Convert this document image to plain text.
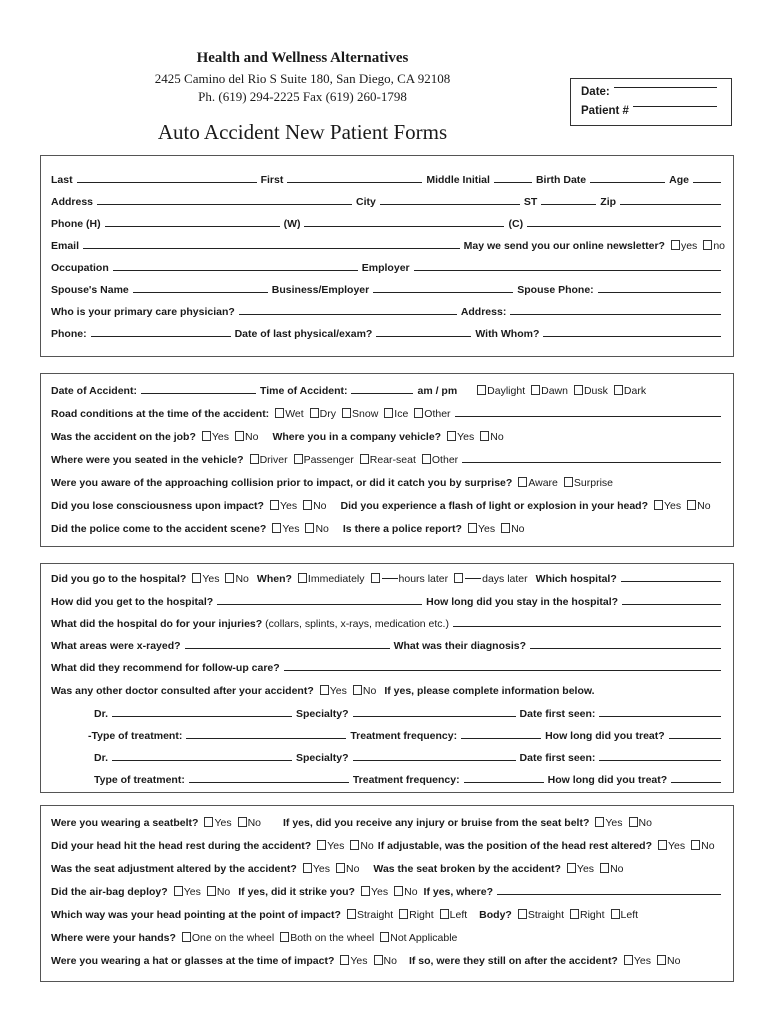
Health and Wellness Alternatives
2425 Camino del Rio S Suite 180, San Diego, CA 92108
Ph. (619) 294-2225 Fax (619) 260-1798
Auto Accident New Patient Forms
Date:
Patient #
Last	First	Middle Initial	Birth Date	Age
Address	City	ST	Zip
Phone (H)	(W)	(C)
Email	May we send you our online newsletter?	yes	no
Occupation	Employer
Spouse's Name	Business/Employer	Spouse Phone:
Who is your primary care physician?	Address:
Phone:	Date of last physical/exam?	With Whom?
Date of Accident:	Time of Accident:	am / pm	Daylight	Dawn	Dusk	Dark
Road conditions at the time of the accident:	Wet	Dry	Snow	Ice	Other
Was the accident on the job?	Yes	No Where you in a company vehicle?	Yes	No
Where were you seated in the vehicle?	Driver	Passenger	Rear-seat	Other
Were you aware of the approaching collision prior to impact, or did it catch you by surprise?	Aware	Surprise
Did you lose consciousness upon impact?	Yes	No Did you experience a flash of light or explosion in your head?	Yes	No
Did the police come to the accident scene?	Yes	No Is there a police report?	Yes	No
Did you go to the hospital?	Yes	No When?	Immediately	hours later	days later Which hospital?
How did you get to the hospital?	How long did you stay in the hospital?
What did the hospital do for your injuries? (collars, splints, x-rays, medication etc.)
What areas were x-rayed?	What was their diagnosis?
What did they recommend for follow-up care?
Was any other doctor consulted after your accident?	Yes	No If yes, please complete information below.
Dr.	Specialty?	Date first seen:
-Type of treatment:	Treatment frequency:	How long did you treat?
Dr.	Specialty?	Date first seen:
Type of treatment:	Treatment frequency:	How long did you treat?
Were you wearing a seatbelt?	Yes	No If yes, did you receive any injury or bruise from the seat belt?	Yes	No
Did your head hit the head rest during the accident?	Yes	No If adjustable, was the position of the head rest altered?	Yes	No
Was the seat adjustment altered by the accident?	Yes	No Was the seat broken by the accident?	Yes	No
Did the air-bag deploy?	Yes	No If yes, did it strike you?	Yes	No If yes, where?
Which way was your head pointing at the point of impact?	Straight	Right	Left Body?	Straight	Right	Left
Where were your hands?	One on the wheel	Both on the wheel	Not Applicable
Were you wearing a hat or glasses at the time of impact?	Yes	No If so, were they still on after the accident?	Yes	No
